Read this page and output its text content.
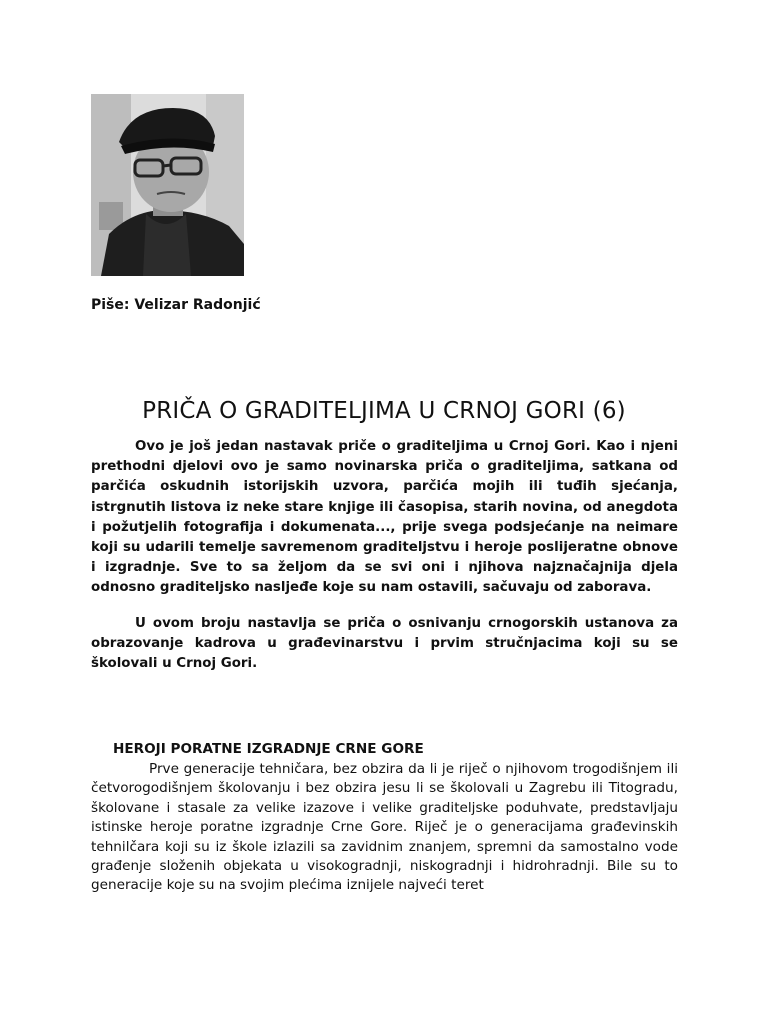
Piše: Velizar Radonjić
PRIČA O GRADITELJIMA U CRNOJ GORI (6)

Ovo je još jedan nastavak priče o graditeljima u Crnoj Gori. Kao i njeni prethodni djelovi ovo je samo novinarska priča o graditeljima, satkana od parčića oskudnih istorijskih uzvora, parčića mojih ili tuđih sjećanja, istrgnutih listova iz neke stare knjige ili časopisa, starih novina, od anegdota i požutjelih fotografija i dokumenata..., prije svega podsjećanje na neimare koji su udarili temelje savremenom graditeljstvu i heroje poslijeratne obnove i izgradnje. Sve to sa željom da se svi oni i njihova najznačajnija djela odnosno graditeljsko nasljeđe koje su nam ostavili, sačuvaju od zaborava.

U ovom broju nastavlja se priča o osnivanju crnogorskih ustanova za obrazovanje kadrova u građevinarstvu i prvim stručnjacima koji su se školovali u Crnoj Gori.

HEROJI PORATNE IZGRADNJE CRNE GORE

Prve generacije tehničara, bez obzira da li je riječ o njihovom trogodišnjem ili četvorogodišnjem školovanju i bez obzira jesu li se školovali u Zagrebu ili Titogradu, školovane i stasale za velike izazove i velike graditeljske poduhvate, predstavljaju istinske heroje poratne izgradnje Crne Gore. Riječ je o generacijama građevinskih tehnilčara koji su iz škole izlazili sa zavidnim znanjem, spremni da samostalno vode građenje složenih objekata u visokogradnji, niskogradnji i hidrohradnji. Bile su to generacije koje su na svojim plećima iznijele najveći teret
